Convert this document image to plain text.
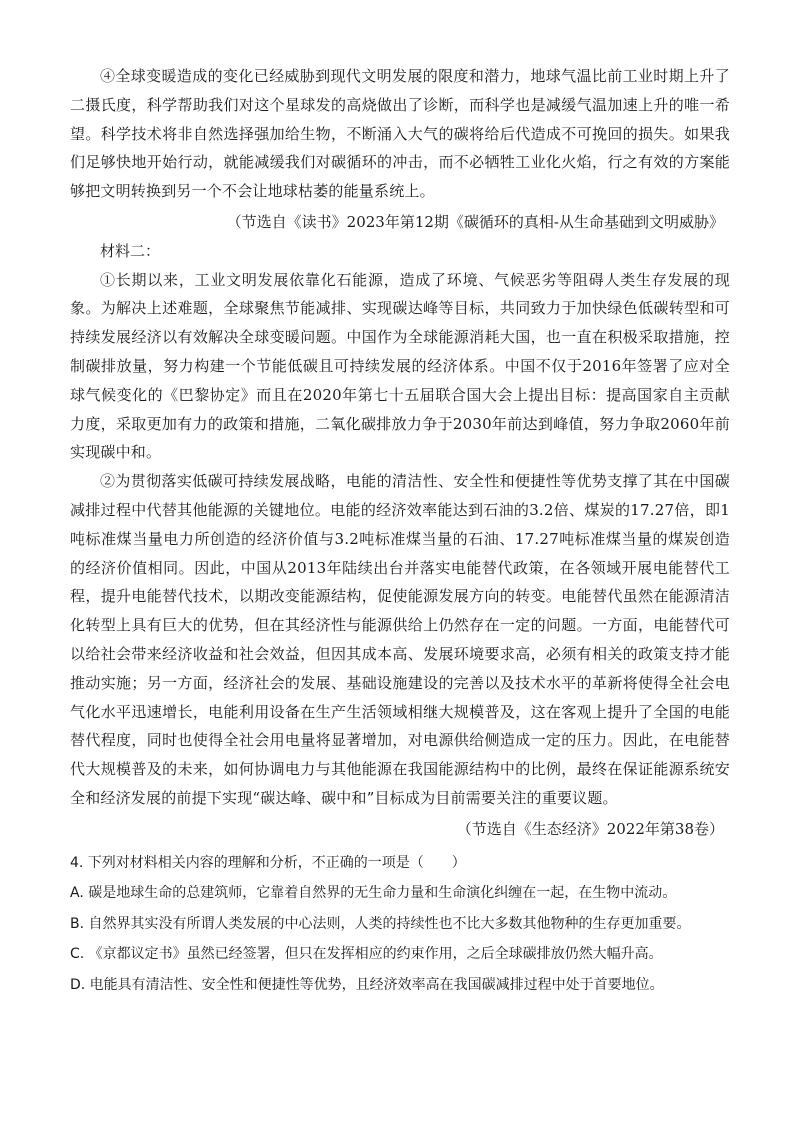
④全球变暖造成的变化已经威胁到现代文明发展的限度和潜力，地球气温比前工业时期上升了二摄氏度，科学帮助我们对这个星球发的高烧做出了诊断，而科学也是减缓气温加速上升的唯一希望。科学技术将非自然选择强加给生物，不断涌入大气的碳将给后代造成不可挽回的损失。如果我们足够快地开始行动，就能减缓我们对碳循环的冲击，而不必牺牲工业化火焰，行之有效的方案能够把文明转换到另一个不会让地球枯萎的能量系统上。

（节选自《读书》2023年第12期《碳循环的真相-从生命基础到文明威胁》

材料二：

①长期以来，工业文明发展依靠化石能源，造成了环境、气候恶劣等阻碍人类生存发展的现象。为解决上述难题，全球聚焦节能减排、实现碳达峰等目标，共同致力于加快绿色低碳转型和可持续发展经济以有效解决全球变暖问题。中国作为全球能源消耗大国，也一直在积极采取措施，控制碳排放量，努力构建一个节能低碳且可持续发展的经济体系。中国不仅于2016年签署了应对全球气候变化的《巴黎协定》而且在2020年第七十五届联合国大会上提出目标：提高国家自主贡献力度，采取更加有力的政策和措施，二氧化碳排放力争于2030年前达到峰值，努力争取2060年前实现碳中和。

②为贯彻落实低碳可持续发展战略，电能的清洁性、安全性和便捷性等优势支撑了其在中国碳减排过程中代替其他能源的关键地位。电能的经济效率能达到石油的3.2倍、煤炭的17.27倍，即1吨标准煤当量电力所创造的经济价值与3.2吨标准煤当量的石油、17.27吨标准煤当量的煤炭创造的经济价值相同。因此，中国从2013年陆续出台并落实电能替代政策，在各领域开展电能替代工程，提升电能替代技术，以期改变能源结构，促使能源发展方向的转变。电能替代虽然在能源清洁化转型上具有巨大的优势，但在其经济性与能源供给上仍然存在一定的问题。一方面，电能替代可以给社会带来经济收益和社会效益，但因其成本高、发展环境要求高，必须有相关的政策支持才能推动实施；另一方面，经济社会的发展、基础设施建设的完善以及技术水平的革新将使得全社会电气化水平迅速增长，电能利用设备在生产生活领域相继大规模普及，这在客观上提升了全国的电能替代程度，同时也使得全社会用电量将显著增加，对电源供给侧造成一定的压力。因此，在电能替代大规模普及的未来，如何协调电力与其他能源在我国能源结构中的比例，最终在保证能源系统安全和经济发展的前提下实现“碳达峰、碳中和”目标成为目前需要关注的重要议题。

（节选自《生态经济》2022年第38卷）

4. 下列对材料相关内容的理解和分析，不正确的一项是（　　）

A. 碳是地球生命的总建筑师，它靠着自然界的无生命力量和生命演化纠缠在一起，在生物中流动。

B. 自然界其实没有所谓人类发展的中心法则，人类的持续性也不比大多数其他物种的生存更加重要。

C. 《京都议定书》虽然已经签署，但只在发挥相应的约束作用，之后全球碳排放仍然大幅升高。

D. 电能具有清洁性、安全性和便捷性等优势，且经济效率高在我国碳减排过程中处于首要地位。
